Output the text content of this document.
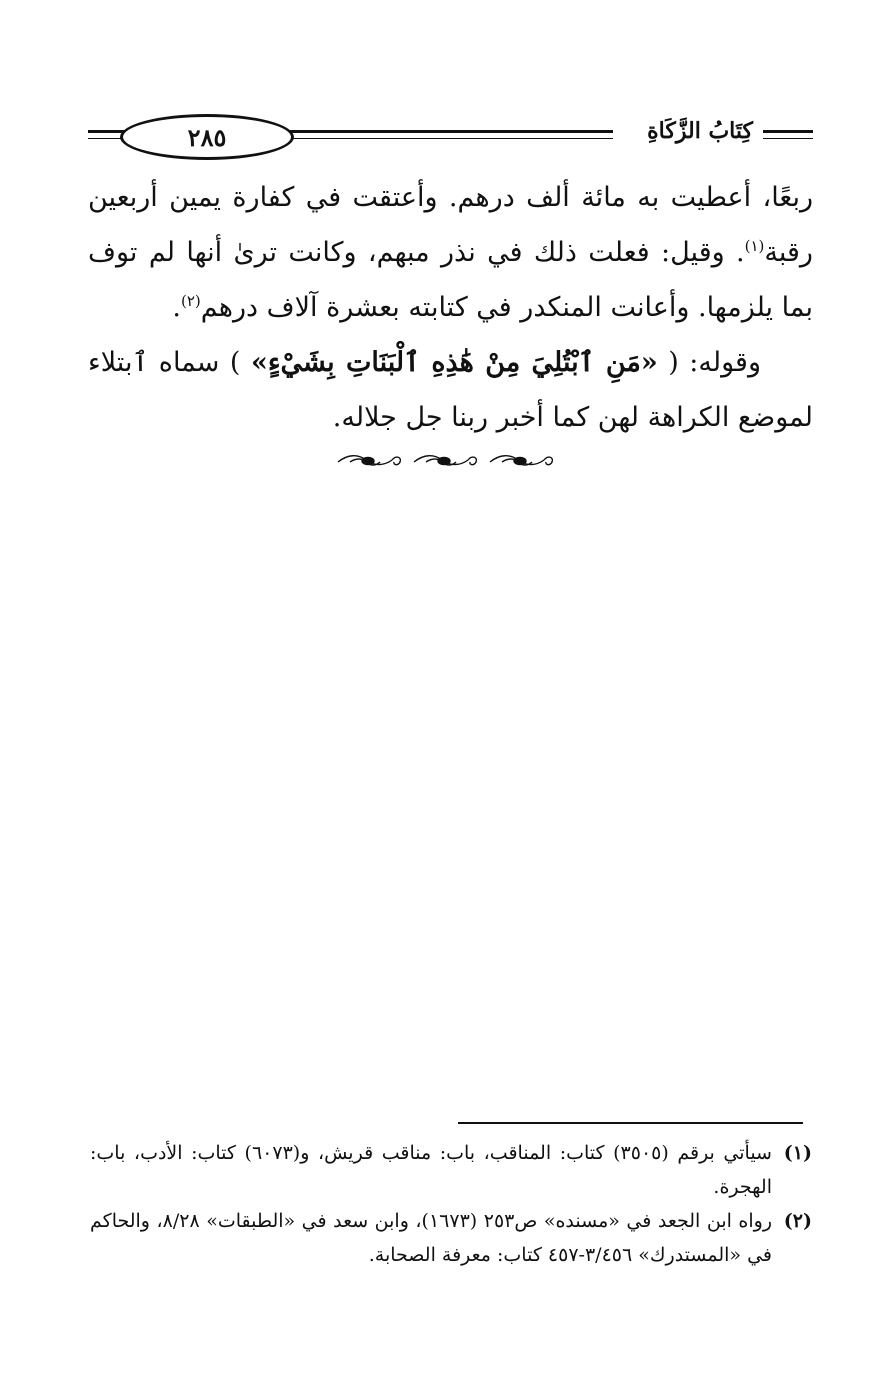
٢٨٥	كِتَابُ الزَّكَاةِ

ربعًا، أعطيت به مائة ألف درهم. وأعتقت في كفارة يمين أربعين رقبة$^{(١)}$. وقيل: فعلت ذلك في نذر مبهم، وكانت ترىٰ أنها لم توف بما يلزمها. وأعانت المنكدر في كتابته بعشرة آلاف درهم$^{(٢)}$.

وقوله: ( «مَنِ ٱبْتُلِيَ مِنْ هَٰذِهِ ٱلْبَنَاتِ بِشَيْءٍ» ) سماه ٱبتلاء لموضع الكراهة لهن كما أخبر ربنا جل جلاله.

(١)
سيأتي برقم (٣٥٠٥) كتاب: المناقب، باب: مناقب قريش، و(٦٠٧٣) كتاب: الأدب، باب: الهجرة.
(٢)
رواه ابن الجعد في «مسنده» ص٢٥٣ (١٦٧٣)، وابن سعد في «الطبقات» ٨/٢٨، والحاكم في «المستدرك» ٣/٤٥٦-٤٥٧ كتاب: معرفة الصحابة.
